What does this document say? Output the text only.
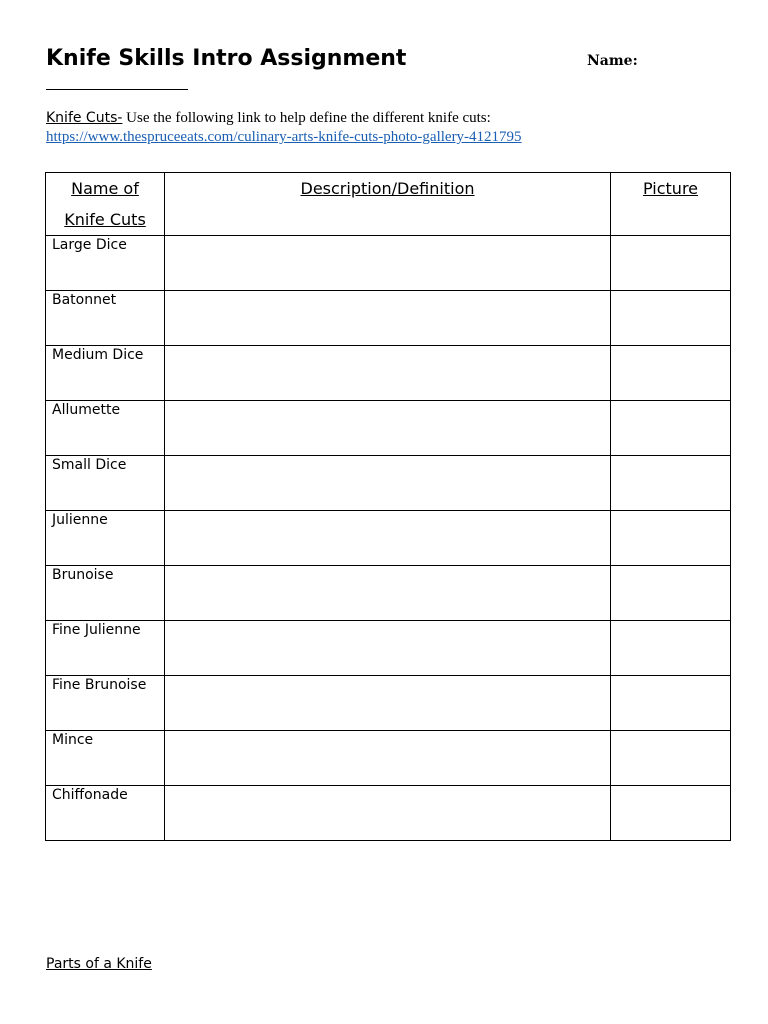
Knife Skills Intro Assignment	Name:
Knife Cuts- Use the following link to help define the different knife cuts:
https://www.thespruceeats.com/culinary-arts-knife-cuts-photo-gallery-4121795
Name of
Knife Cuts	Description/Definition	Picture
Large Dice		
Batonnet		
Medium Dice		
Allumette		
Small Dice		
Julienne		
Brunoise		
Fine Julienne		
Fine Brunoise		
Mince		
Chiffonade		
Parts of a Knife
